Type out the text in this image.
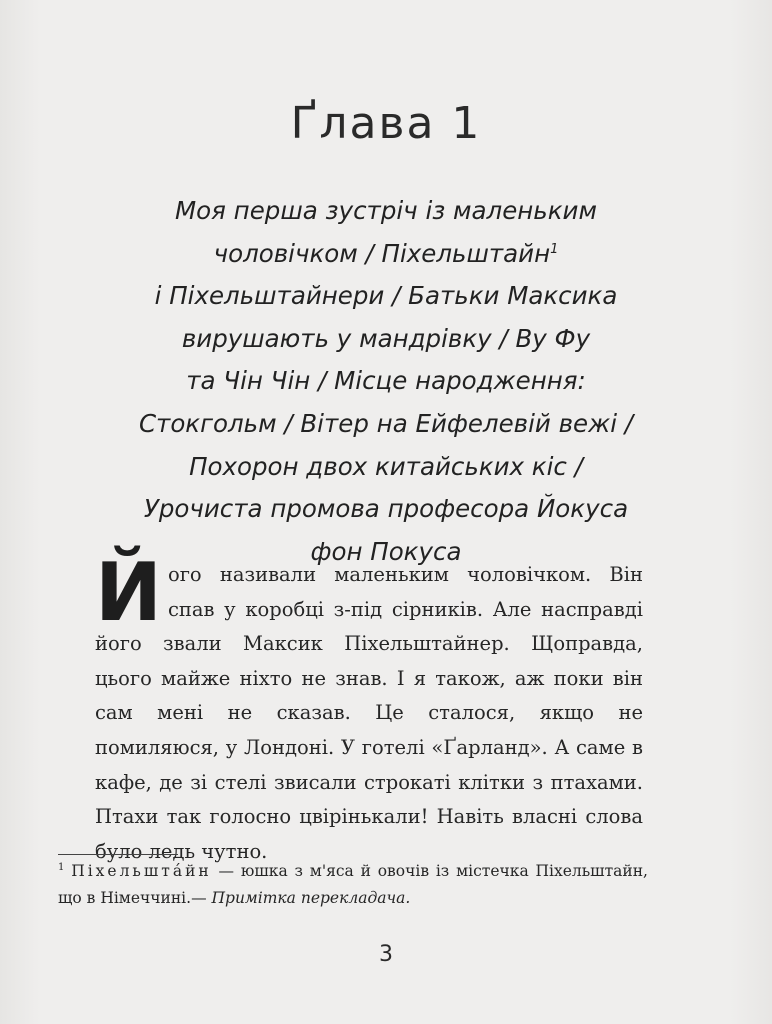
Ґлава 1

Моя перша зустріч із маленьким
чоловічком / Піхельштайн$^1$
і Піхельштайнери / Батьки Максика
вирушають у мандрівку / Ву Фу
та Чін Чін / Місце народження:
Стокгольм / Вітер на Ейфелевій вежі /
Похорон двох китайських кіс /
Урочиста промова професора Йокуса
фон Покуса

Його називали маленьким чоловічком. Він спав у коробці з-під сірників. Але насправді його звали Максик Піхельштайнер. Щоправда, цього майже ніхто не знав. І я також, аж поки він сам мені не сказав. Це сталося, якщо не помиляюся, у Лондоні. У готелі «Ґарланд». А саме в кафе, де зі стелі звисали строкаті клітки з птахами. Птахи так голосно цвірінькали! Навіть власні слова було ледь чутно.

$^1$ Піхельшта́йн — юшка з м'яса й овочів із містечка Піхельштайн, що в Німеччині.— Примітка перекладача.

3
